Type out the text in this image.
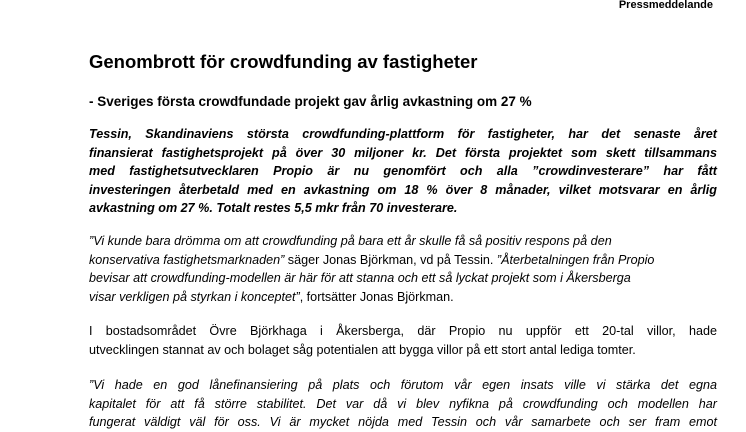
Pressmeddelande
Genombrott för crowdfunding av fastigheter
- Sveriges första crowdfundade projekt gav årlig avkastning om 27 %

Tessin, Skandinaviens största crowdfunding-plattform för fastigheter, har det senaste året
finansierat fastighetsprojekt på över 30 miljoner kr. Det första projektet som skett tillsammans
med fastighetsutvecklaren Propio är nu genomfört och alla ”crowdinvesterare” har fått
investeringen återbetald med en avkastning om 18 % över 8 månader, vilket motsvarar en årlig
avkastning om 27 %. Totalt restes 5,5 mkr från 70 investerare.

”Vi kunde bara drömma om att crowdfunding på bara ett år skulle få så positiv respons på den
konservativa fastighetsmarknaden” säger Jonas Björkman, vd på Tessin. ”Återbetalningen från Propio
bevisar att crowdfunding-modellen är här för att stanna och ett så lyckat projekt som i Åkersberga
visar verkligen på styrkan i konceptet”, fortsätter Jonas Björkman.

I bostadsområdet Övre Björkhaga i Åkersberga, där Propio nu uppför ett 20-tal villor, hade
utvecklingen stannat av och bolaget såg potentialen att bygga villor på ett stort antal lediga tomter.

”Vi hade en god lånefinansiering på plats och förutom vår egen insats ville vi stärka det egna
kapitalet för att få större stabilitet. Det var då vi blev nyfikna på crowdfunding och modellen har
fungerat väldigt väl för oss. Vi är mycket nöjda med Tessin och vår samarbete och ser fram emot
